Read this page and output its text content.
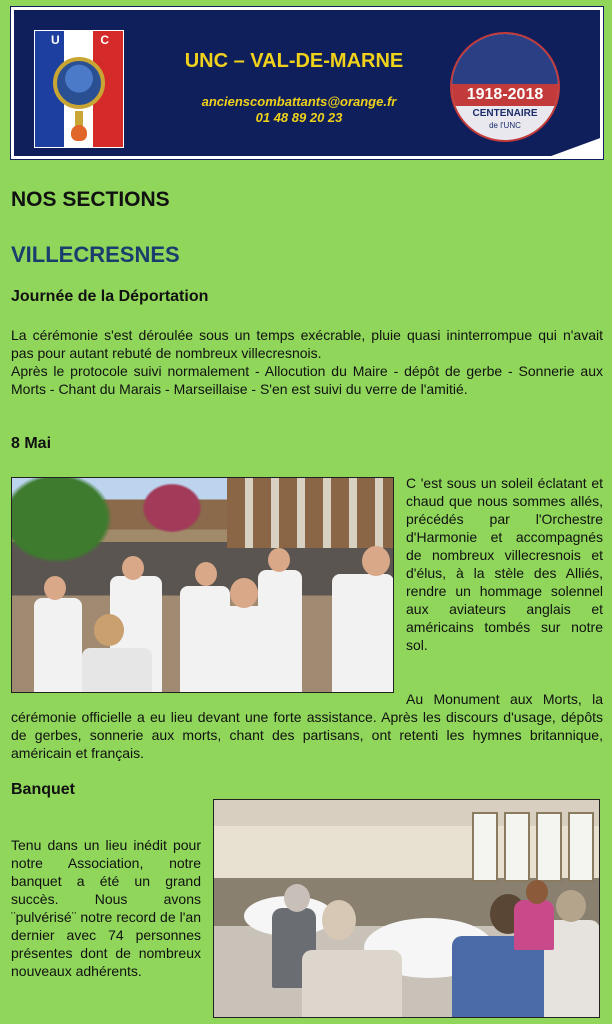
UNC
UNC – VAL-DE-MARNE
ancienscombattants@orange.fr
01 48 89 20 23
1918-2018
CENTENAIRE
de l'UNC
NOS SECTIONS
VILLECRESNES
Journée de la Déportation

La cérémonie s'est déroulée sous un temps exécrable, pluie quasi ininterrompue qui n'avait pas pour autant rebuté de nombreux villecresnois.

Après le protocole suivi normalement - Allocution du Maire - dépôt de gerbe - Sonnerie aux Morts - Chant du Marais - Marseillaise - S'en est suivi du verre de l'amitié.

8 Mai

C 'est sous un soleil éclatant et chaud que nous sommes allés, précédés par l'Orchestre d'Harmonie et accompagnés de nombreux villecresnois et d'élus, à la stèle des Alliés, rendre un hommage solennel aux aviateurs anglais et américains tombés sur notre sol.

Au Monument aux Morts, la cérémonie officielle a eu lieu devant une forte assistance. Après les discours d'usage, dépôts de gerbes, sonnerie aux morts, chant des partisans, ont retenti les hymnes britannique, américain et français.

Banquet

Tenu dans un lieu inédit pour notre Association, notre banquet a été un grand succès. Nous avons ¨pulvérisé¨ notre record de l'an dernier avec 74 personnes présentes dont de nombreux nouveaux adhérents.
